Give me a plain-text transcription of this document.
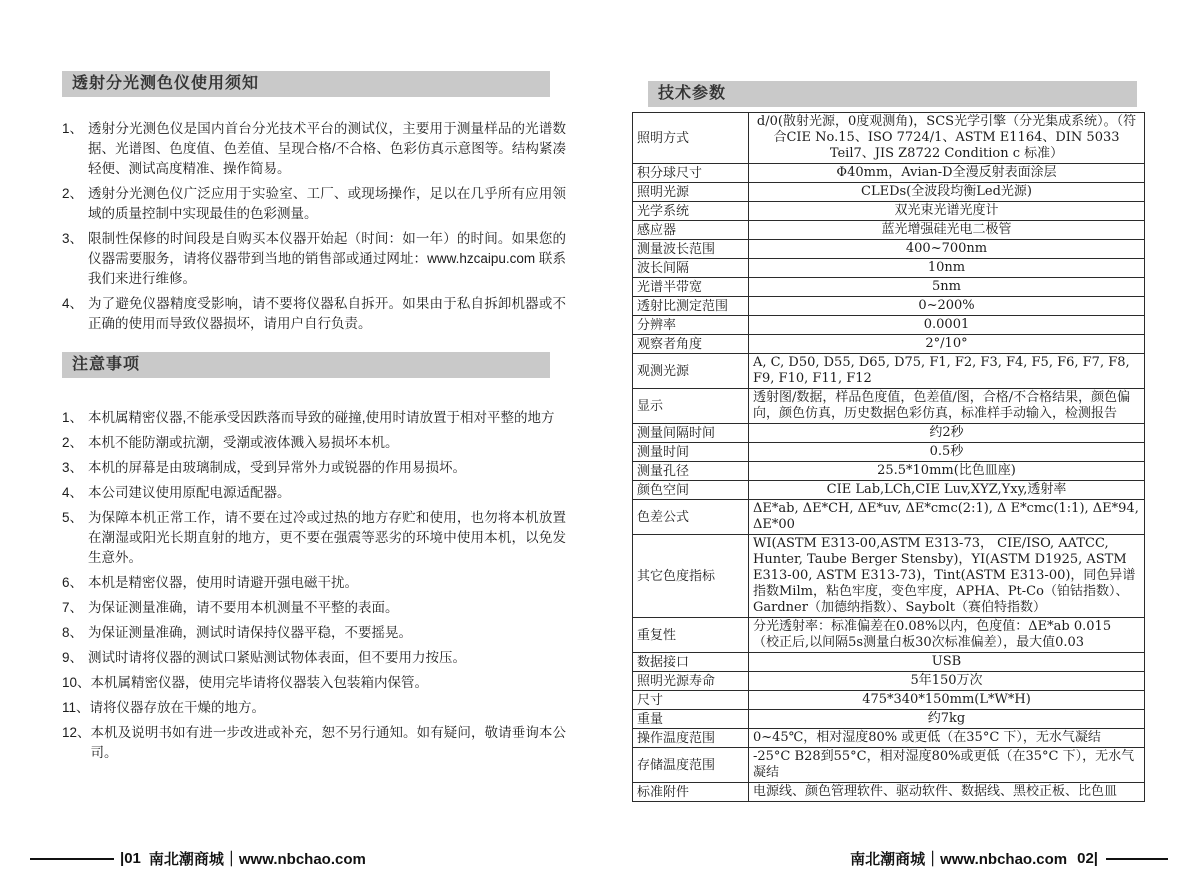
透射分光测色仪使用须知
1、 透射分光测色仪是国内首台分光技术平台的测试仪，主要用于测量样品的光谱数据、光谱图、色度值、色差值、呈现合格/不合格、色彩仿真示意图等。结构紧凑轻便、测试高度精准、操作简易。
2、 透射分光测色仪广泛应用于实验室、工厂、或现场操作，足以在几乎所有应用领域的质量控制中实现最佳的色彩测量。
3、 限制性保修的时间段是自购买本仪器开始起（时间：如一年）的时间。如果您的仪器需要服务，请将仪器带到当地的销售部或通过网址：www.hzcaipu.com 联系我们来进行维修。
4、 为了避免仪器精度受影响，请不要将仪器私自拆开。如果由于私自拆卸机器或不正确的使用而导致仪器损坏，请用户自行负责。
注意事项
1、 本机属精密仪器,不能承受因跌落而导致的碰撞,使用时请放置于相对平整的地方
2、 本机不能防潮或抗潮，受潮或液体溅入易损坏本机。
3、 本机的屏幕是由玻璃制成，受到异常外力或锐器的作用易损坏。
4、 本公司建议使用原配电源适配器。
5、 为保障本机正常工作，请不要在过冷或过热的地方存贮和使用，也勿将本机放置在潮湿或阳光长期直射的地方，更不要在强震等恶劣的环境中使用本机，以免发生意外。
6、 本机是精密仪器，使用时请避开强电磁干扰。
7、 为保证测量准确，请不要用本机测量不平整的表面。
8、 为保证测量准确，测试时请保持仪器平稳，不要摇晃。
9、 测试时请将仪器的测试口紧贴测试物体表面，但不要用力按压。
10、 本机属精密仪器，使用完毕请将仪器装入包装箱内保管。
11、 请将仪器存放在干燥的地方。
12、 本机及说明书如有进一步改进或补充，恕不另行通知。如有疑问，敬请垂询本公司。
技术参数
照明方式	d/0(散射光源，0度观测角)，SCS光学引擎（分光集成系统）。（符合CIE No.15、ISO 7724/1、ASTM E1164、DIN 5033 Teil7、JIS Z8722 Condition c 标准）
积分球尺寸	Φ40mm，Avian-D全漫反射表面涂层
照明光源	CLEDs(全波段均衡Led光源)
光学系统	双光束光谱光度计
感应器	蓝光增强硅光电二极管
测量波长范围	400~700nm
波长间隔	10nm
光谱半带宽	5nm
透射比测定范围	0~200%
分辨率	0.0001
观察者角度	2°/10°
观测光源	A, C, D50, D55, D65, D75, F1, F2, F3, F4, F5, F6, F7, F8, F9, F10, F11, F12
显示	透射图/数据，样品色度值，色差值/图，合格/不合格结果，颜色偏向，颜色仿真，历史数据色彩仿真，标准样手动输入，检测报告
测量间隔时间	约2秒
测量时间	0.5秒
测量孔径	25.5*10mm(比色皿座)
颜色空间	CIE Lab,LCh,CIE Luv,XYZ,Yxy,透射率
色差公式	ΔE*ab, ΔE*CH, ΔE*uv, ΔE*cmc(2:1), Δ E*cmc(1:1), ΔE*94, ΔE*00
其它色度指标	WI(ASTM E313-00,ASTM E313-73， CIE/ISO, AATCC, Hunter, Taube Berger Stensby)，YI(ASTM D1925, ASTM E313-00, ASTM E313-73)，Tint(ASTM E313-00)，同色异谱指数Milm，粘色牢度，变色牢度，APHA、Pt-Co（铂钴指数）、Gardner（加德纳指数）、Saybolt（赛伯特指数）
重复性	分光透射率：标准偏差在0.08%以内，色度值：ΔE*ab 0.015 （校正后,以间隔5s测量白板30次标准偏差），最大值0.03
数据接口	USB
照明光源寿命	5年150万次
尺寸	475*340*150mm(L*W*H)
重量	约7kg
操作温度范围	0~45℃，相对湿度80% 或更低（在35°C 下），无水气凝结
存储温度范围	-25°C B28到55°C，相对湿度80%或更低（在35°C 下），无水气凝结
标准附件	电源线、颜色管理软件、驱动软件、数据线、黑校正板、比色皿
|01 南北潮商城｜www.nbchao.com	南北潮商城｜www.nbchao.com 02|
